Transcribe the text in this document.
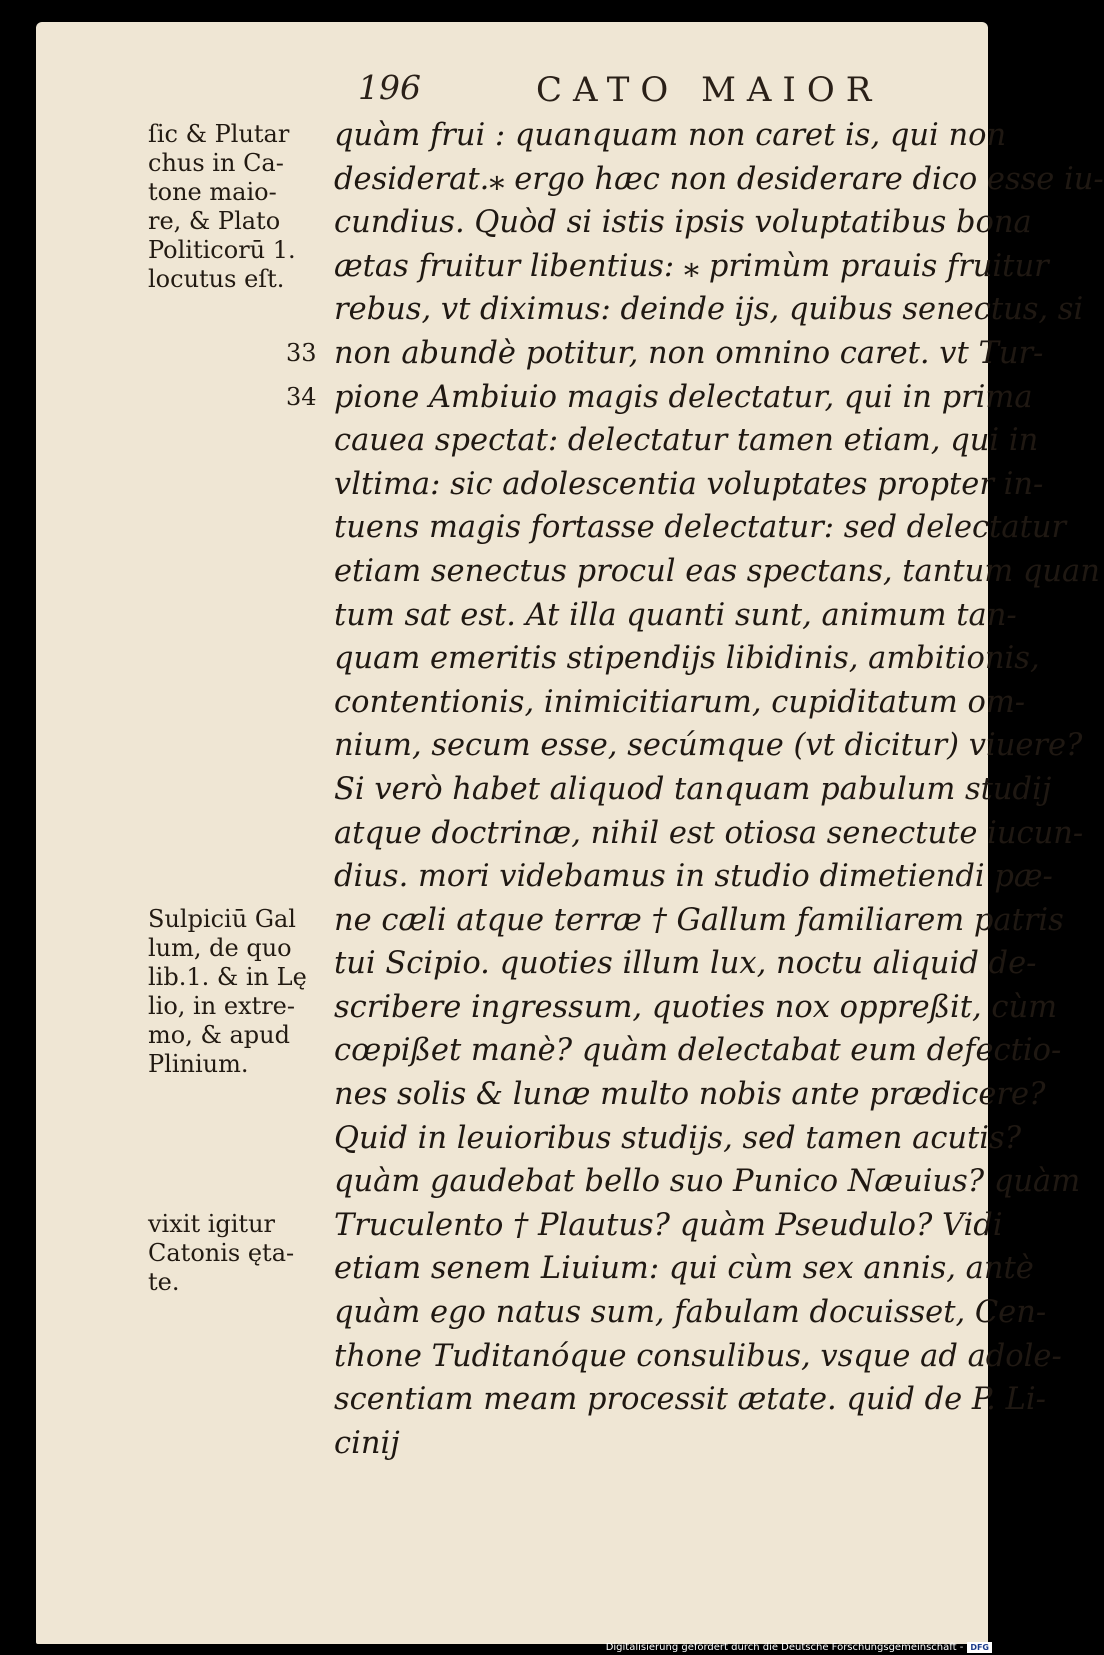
196	CATO MAIOR
quàm frui : quanquam non caret is, qui non
desiderat.⁎ ergo hæc non desiderare dico esse iu-
cundius. Quòd si istis ipsis voluptatibus bona
ætas fruitur libentius: ⁎ primùm prauis fruitur
rebus, vt diximus: deinde ijs, quibus senectus, si
non abundè potitur, non omnino caret. vt Tur-
pione Ambiuio magis delectatur, qui in prima
cauea spectat: delectatur tamen etiam, qui in
vltima: sic adolescentia voluptates propter in-
tuens magis fortasse delectatur: sed delectatur
etiam senectus procul eas spectans, tantum quan
tum sat est. At illa quanti sunt, animum tan-
quam emeritis stipendijs libidinis, ambitionis,
contentionis, inimicitiarum, cupiditatum om-
nium, secum esse, secúmque (vt dicitur) viuere?
Si verò habet aliquod tanquam pabulum studij
atque doctrinæ, nihil est otiosa senectute iucun-
dius. mori videbamus in studio dimetiendi pæ-
ne cæli atque terræ † Gallum familiarem patris
tui Scipio. quoties illum lux, noctu aliquid de-
scribere ingressum, quoties nox oppreßit, cùm
cœpißet manè? quàm delectabat eum defectio-
nes solis & lunæ multo nobis ante prædicere?
Quid in leuioribus studijs, sed tamen acutis?
quàm gaudebat bello suo Punico Næuius? quàm
Truculento † Plautus? quàm Pseudulo? Vidi
etiam senem Liuium: qui cùm sex annis, antè
quàm ego natus sum, fabulam docuisset, Cen-
thone Tuditanóque consulibus, vsque ad adole-
scentiam meam processit ætate. quid de P. Li-
cinij
ſic & Plutar
chus in Ca-
tone maio-
re, & Plato
Politicorū 1.
locutus eſt.
Sulpiciū Gal
lum, de quo
lib.1. & in Lę
lio, in extre-
mo, & apud
Plinium.
vixit igitur
Catonis ęta-
te.
33
34
Digitalisierung gefördert durch die Deutsche Forschungsgemeinschaft - DFG
